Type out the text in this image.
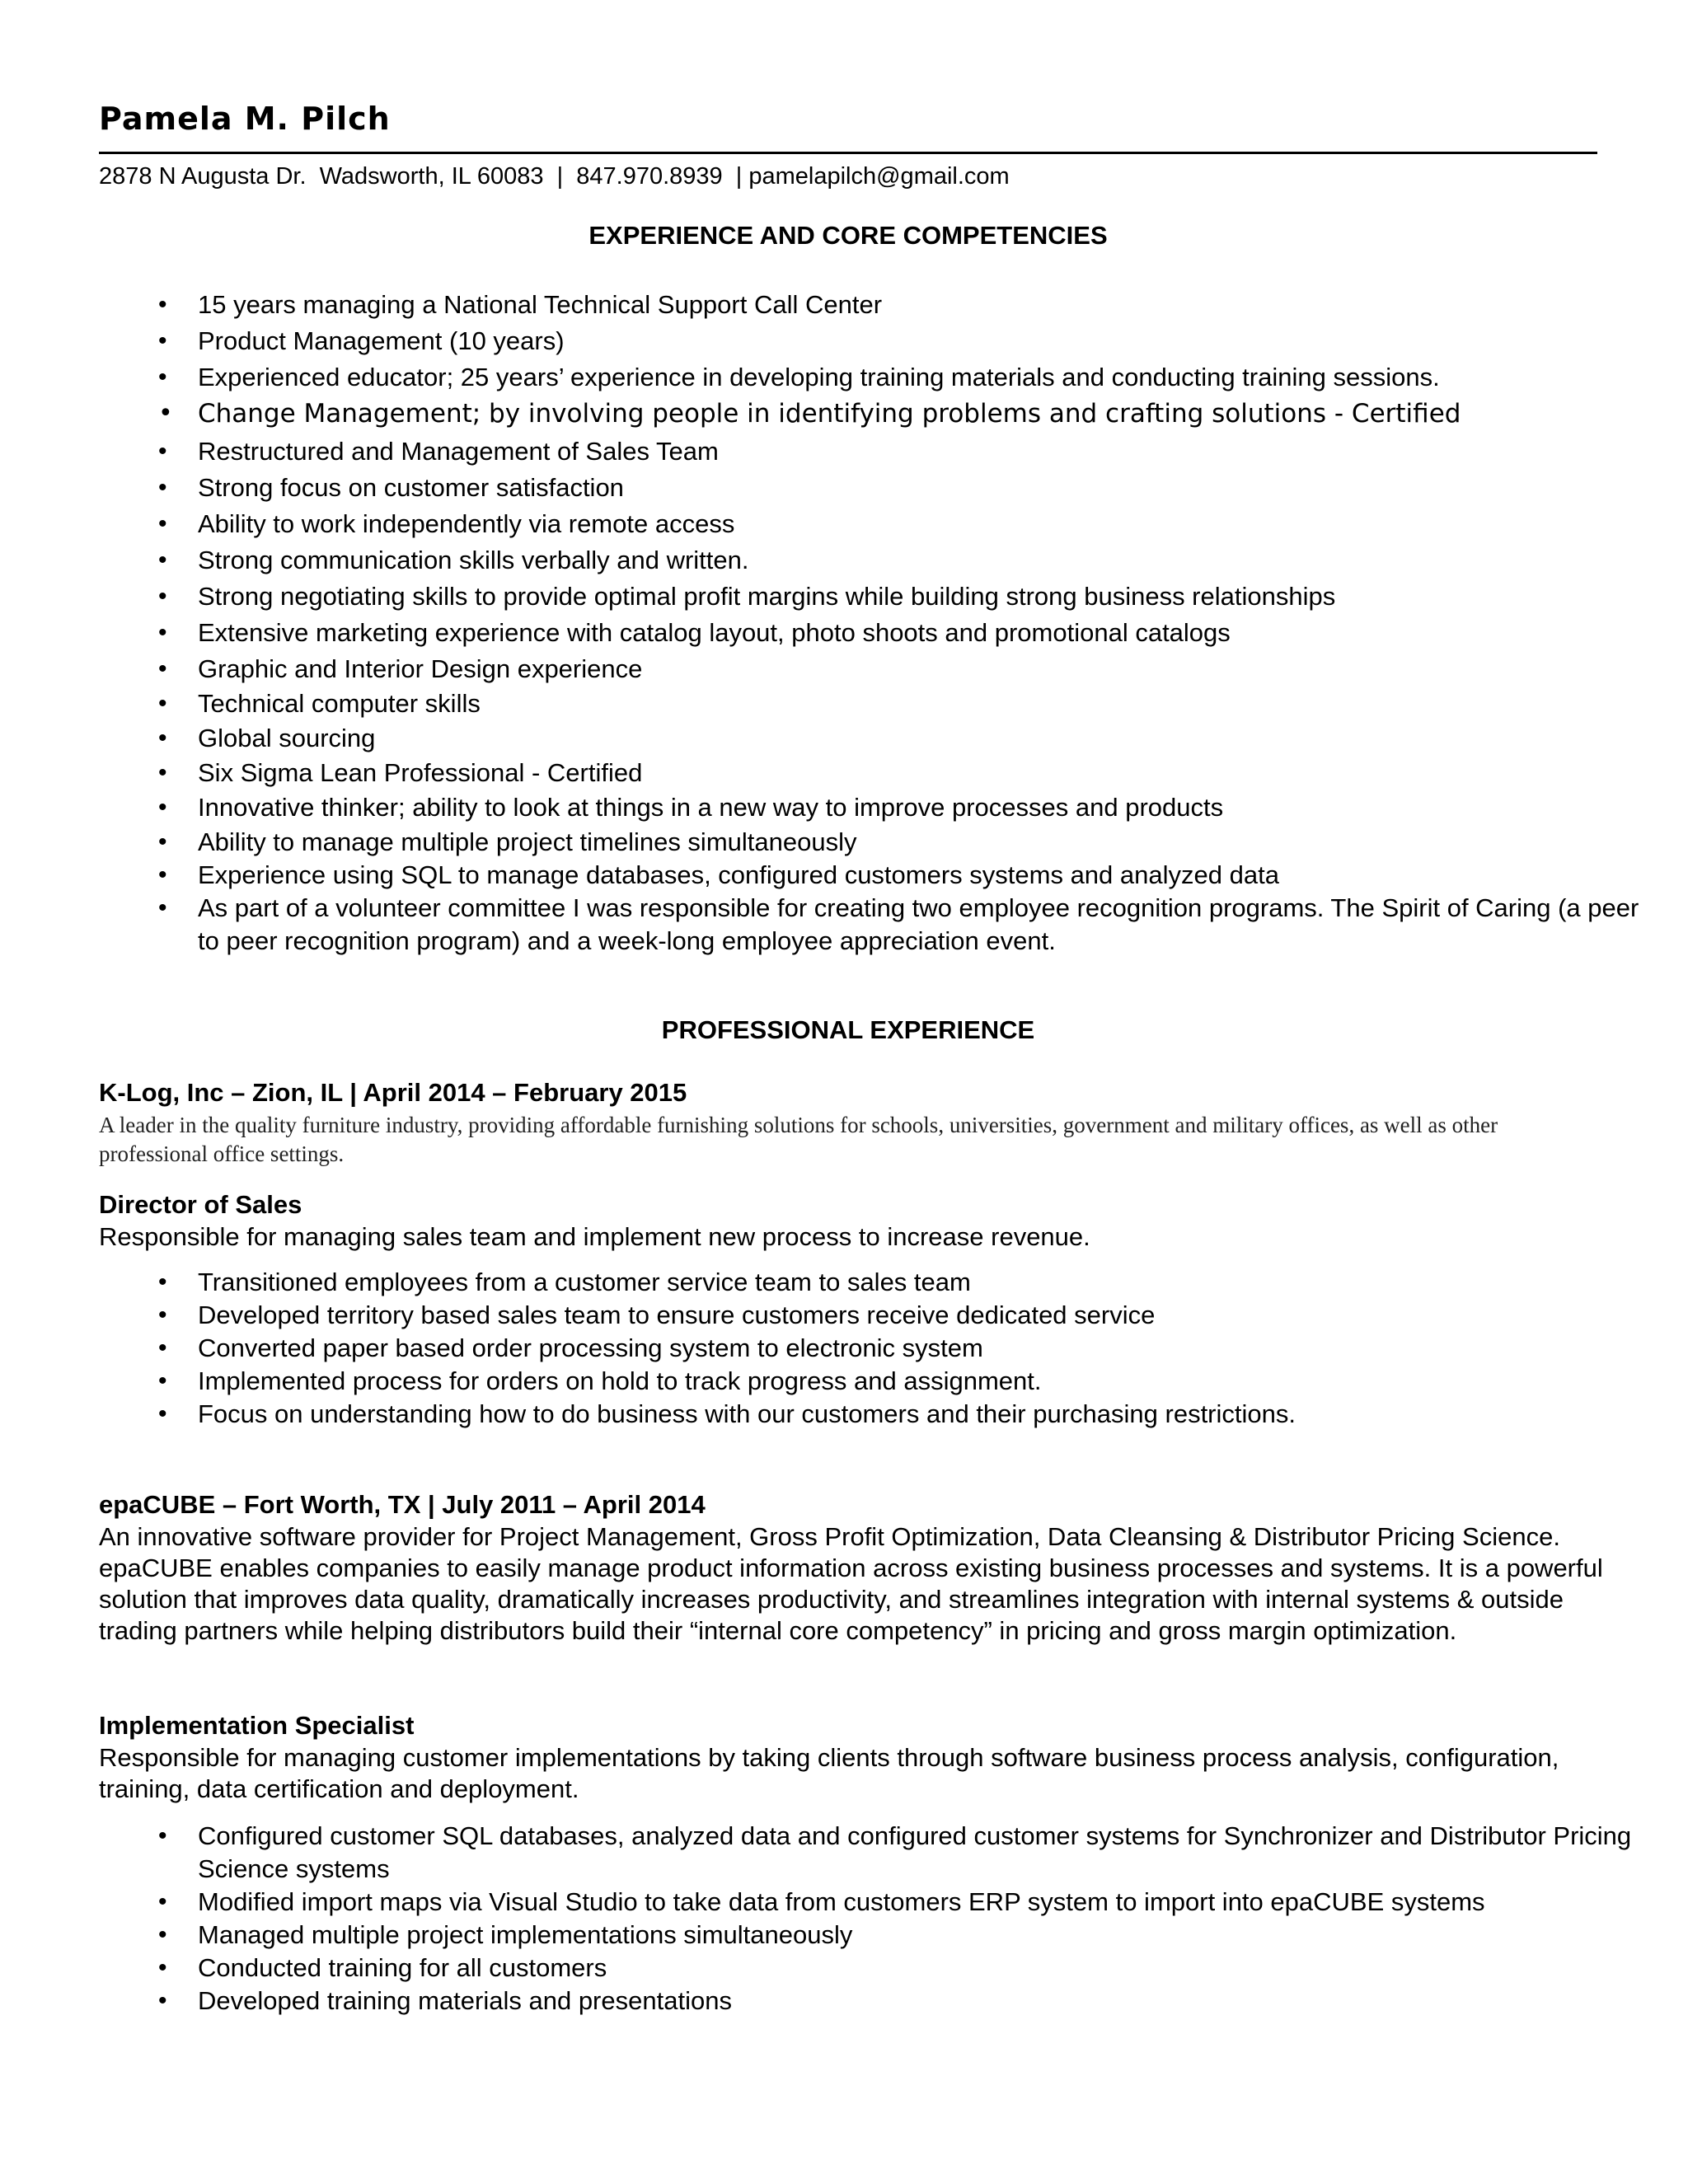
Pamela M. Pilch
2878 N Augusta Dr.  Wadsworth, IL 60083  |  847.970.8939  | pamelapilch@gmail.com
EXPERIENCE AND CORE COMPETENCIES
• 15 years managing a National Technical Support Call Center
• Product Management (10 years)
• Experienced educator; 25 years’ experience in developing training materials and conducting training sessions.
• Change Management; by involving people in identifying problems and crafting solutions - Certified
• Restructured and Management of Sales Team
• Strong focus on customer satisfaction
• Ability to work independently via remote access
• Strong communication skills verbally and written.
• Strong negotiating skills to provide optimal profit margins while building strong business relationships
• Extensive marketing experience with catalog layout, photo shoots and promotional catalogs
• Graphic and Interior Design experience
• Technical computer skills
• Global sourcing
• Six Sigma Lean Professional - Certified
• Innovative thinker; ability to look at things in a new way to improve processes and products
• Ability to manage multiple project timelines simultaneously
• Experience using SQL to manage databases, configured customers systems and analyzed data
• As part of a volunteer committee I was responsible for creating two employee recognition programs. The Spirit of Caring (a peer to peer recognition program) and a week-long employee appreciation event.
PROFESSIONAL EXPERIENCE
K-Log, Inc – Zion, IL | April 2014 – February 2015
A leader in the quality furniture industry, providing affordable furnishing solutions for schools, universities, government and military offices, as well as other professional office settings.
Director of Sales
Responsible for managing sales team and implement new process to increase revenue.
• Transitioned employees from a customer service team to sales team
• Developed territory based sales team to ensure customers receive dedicated service
• Converted paper based order processing system to electronic system
• Implemented process for orders on hold to track progress and assignment.
• Focus on understanding how to do business with our customers and their purchasing restrictions.
epaCUBE – Fort Worth, TX | July 2011 – April 2014
An innovative software provider for Project Management, Gross Profit Optimization, Data Cleansing & Distributor Pricing Science. epaCUBE enables companies to easily manage product information across existing business processes and systems. It is a powerful solution that improves data quality, dramatically increases productivity, and streamlines integration with internal systems & outside trading partners while helping distributors build their “internal core competency” in pricing and gross margin optimization.
Implementation Specialist
Responsible for managing customer implementations by taking clients through software business process analysis, configuration, training, data certification and deployment.
• Configured customer SQL databases, analyzed data and configured customer systems for Synchronizer and Distributor Pricing Science systems
• Modified import maps via Visual Studio to take data from customers ERP system to import into epaCUBE systems
• Managed multiple project implementations simultaneously
• Conducted training for all customers
• Developed training materials and presentations
